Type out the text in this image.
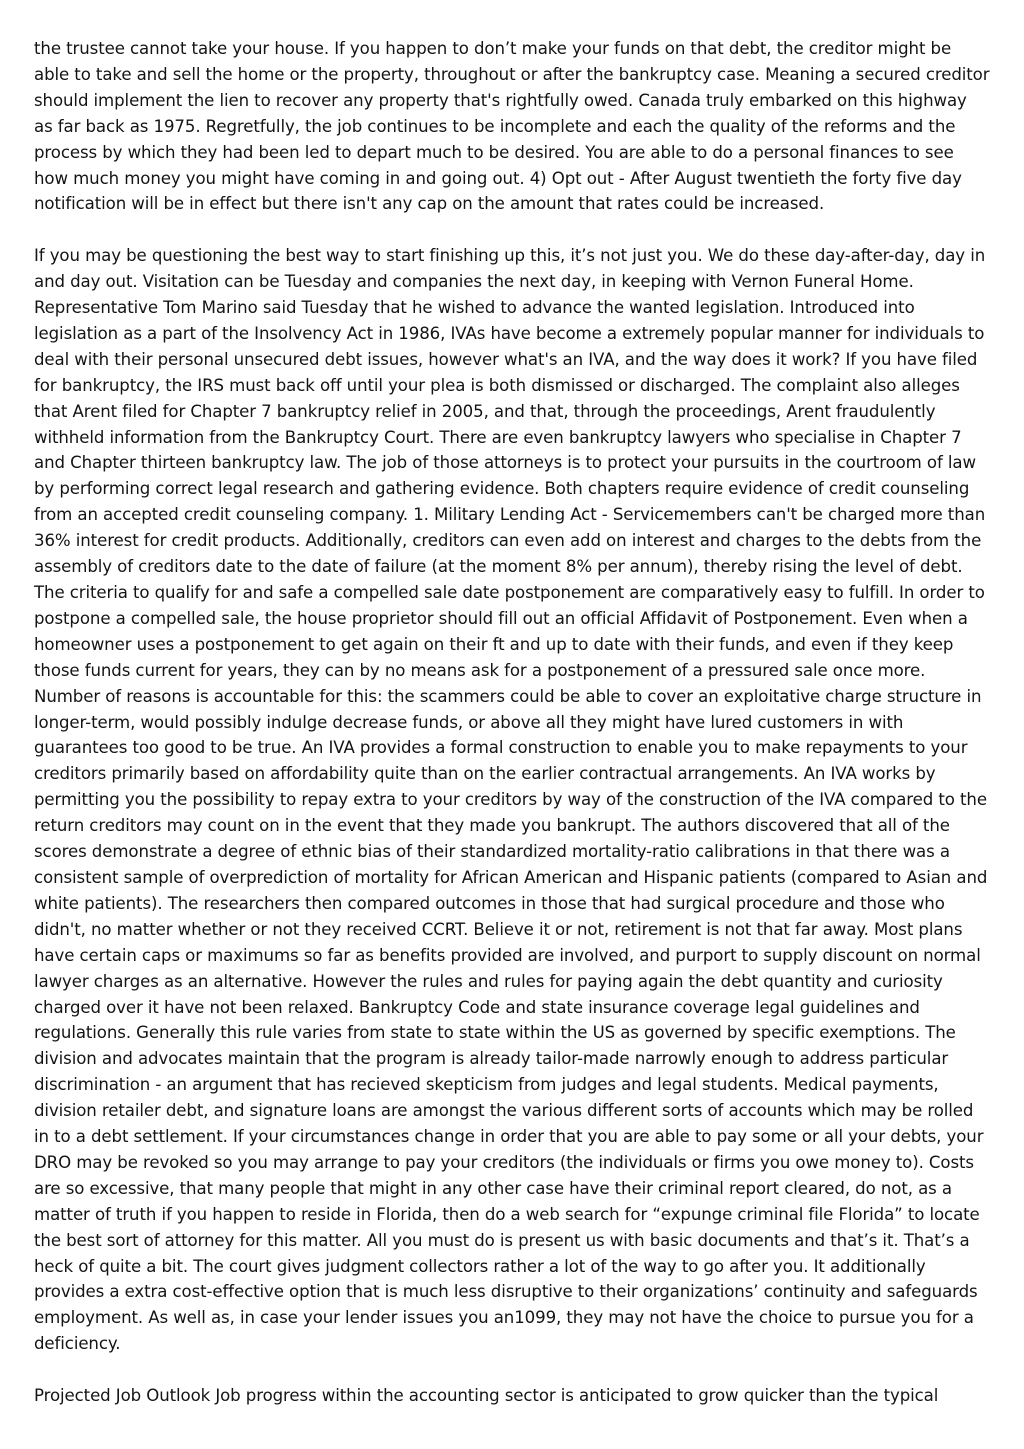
the trustee cannot take your house. If you happen to don’t make your funds on that debt, the creditor might be able to take and sell the home or the property, throughout or after the bankruptcy case. Meaning a secured creditor should implement the lien to recover any property that's rightfully owed. Canada truly embarked on this highway as far back as 1975. Regretfully, the job continues to be incomplete and each the quality of the reforms and the process by which they had been led to depart much to be desired. You are able to do a personal finances to see how much money you might have coming in and going out. 4) Opt out - After August twentieth the forty five day notification will be in effect but there isn't any cap on the amount that rates could be increased.

If you may be questioning the best way to start finishing up this, it’s not just you. We do these day-after-day, day in and day out. Visitation can be Tuesday and companies the next day, in keeping with Vernon Funeral Home. Representative Tom Marino said Tuesday that he wished to advance the wanted legislation. Introduced into legislation as a part of the Insolvency Act in 1986, IVAs have become a extremely popular manner for individuals to deal with their personal unsecured debt issues, however what's an IVA, and the way does it work? If you have filed for bankruptcy, the IRS must back off until your plea is both dismissed or discharged. The complaint also alleges that Arent filed for Chapter 7 bankruptcy relief in 2005, and that, through the proceedings, Arent fraudulently withheld information from the Bankruptcy Court. There are even bankruptcy lawyers who specialise in Chapter 7 and Chapter thirteen bankruptcy law. The job of those attorneys is to protect your pursuits in the courtroom of law by performing correct legal research and gathering evidence. Both chapters require evidence of credit counseling from an accepted credit counseling company. 1. Military Lending Act - Servicemembers can't be charged more than 36% interest for credit products. Additionally, creditors can even add on interest and charges to the debts from the assembly of creditors date to the date of failure (at the moment 8% per annum), thereby rising the level of debt. The criteria to qualify for and safe a compelled sale date postponement are comparatively easy to fulfill. In order to postpone a compelled sale, the house proprietor should fill out an official Affidavit of Postponement. Even when a homeowner uses a postponement to get again on their ft and up to date with their funds, and even if they keep those funds current for years, they can by no means ask for a postponement of a pressured sale once more. Number of reasons is accountable for this: the scammers could be able to cover an exploitative charge structure in longer-term, would possibly indulge decrease funds, or above all they might have lured customers in with guarantees too good to be true. An IVA provides a formal construction to enable you to make repayments to your creditors primarily based on affordability quite than on the earlier contractual arrangements. An IVA works by permitting you the possibility to repay extra to your creditors by way of the construction of the IVA compared to the return creditors may count on in the event that they made you bankrupt. The authors discovered that all of the scores demonstrate a degree of ethnic bias of their standardized mortality-ratio calibrations in that there was a consistent sample of overprediction of mortality for African American and Hispanic patients (compared to Asian and white patients). The researchers then compared outcomes in those that had surgical procedure and those who didn't, no matter whether or not they received CCRT. Believe it or not, retirement is not that far away. Most plans have certain caps or maximums so far as benefits provided are involved, and purport to supply discount on normal lawyer charges as an alternative. However the rules and rules for paying again the debt quantity and curiosity charged over it have not been relaxed. Bankruptcy Code and state insurance coverage legal guidelines and regulations. Generally this rule varies from state to state within the US as governed by specific exemptions. The division and advocates maintain that the program is already tailor-made narrowly enough to address particular discrimination - an argument that has recieved skepticism from judges and legal students. Medical payments, division retailer debt, and signature loans are amongst the various different sorts of accounts which may be rolled in to a debt settlement. If your circumstances change in order that you are able to pay some or all your debts, your DRO may be revoked so you may arrange to pay your creditors (the individuals or firms you owe money to). Costs are so excessive, that many people that might in any other case have their criminal report cleared, do not, as a matter of truth if you happen to reside in Florida, then do a web search for “expunge criminal file Florida” to locate the best sort of attorney for this matter. All you must do is present us with basic documents and that’s it. That’s a heck of quite a bit. The court gives judgment collectors rather a lot of the way to go after you. It additionally provides a extra cost-effective option that is much less disruptive to their organizations’ continuity and safeguards employment. As well as, in case your lender issues you an1099, they may not have the choice to pursue you for a deficiency.

Projected Job Outlook Job progress within the accounting sector is anticipated to grow quicker than the typical
